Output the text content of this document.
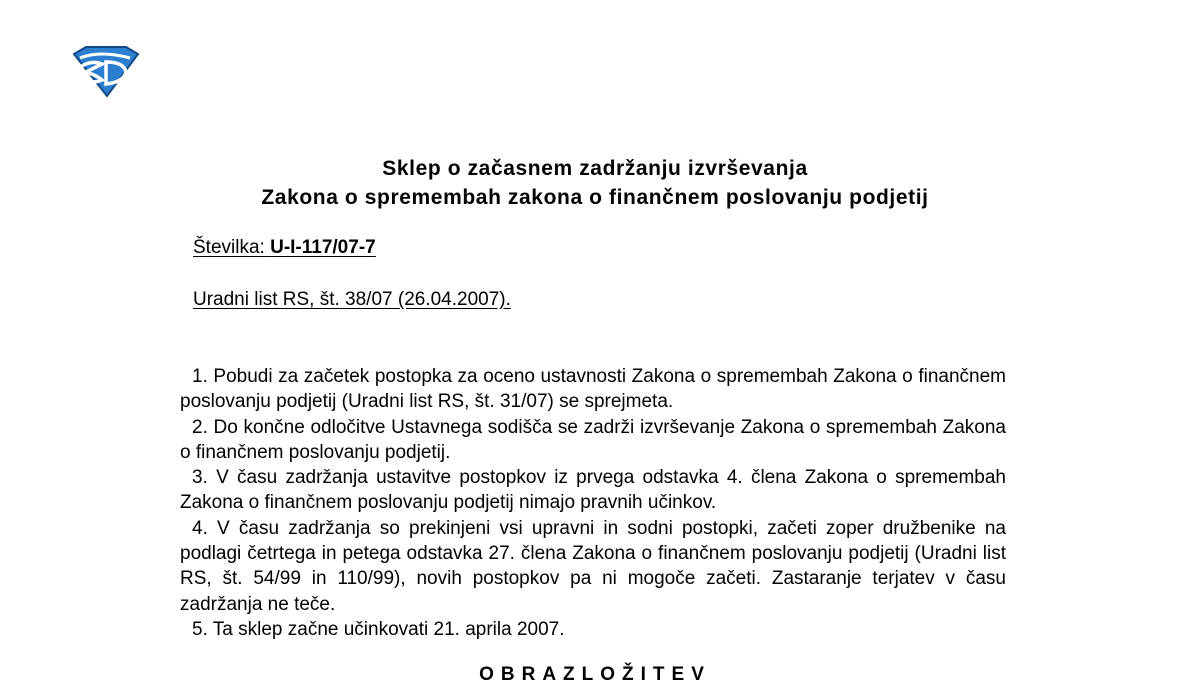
Sklep o začasnem zadržanju izvrševanja
Zakona o spremembah zakona o finančnem poslovanju podjetij
Številka: U-I-117/07-7
Uradni list RS, št. 38/07 (26.04.2007).
1. Pobudi za začetek postopka za oceno ustavnosti Zakona o spremembah Zakona o finančnem poslovanju podjetij (Uradni list RS, št. 31/07) se sprejmeta.
2. Do končne odločitve Ustavnega sodišča se zadrži izvrševanje Zakona o spremembah Zakona o finančnem poslovanju podjetij.
3. V času zadržanja ustavitve postopkov iz prvega odstavka 4. člena Zakona o spremembah Zakona o finančnem poslovanju podjetij nimajo pravnih učinkov.
4. V času zadržanja so prekinjeni vsi upravni in sodni postopki, začeti zoper družbenike na podlagi četrtega in petega odstavka 27. člena Zakona o finančnem poslovanju podjetij (Uradni list RS, št. 54/99 in 110/99), novih postopkov pa ni mogoče začeti. Zastaranje terjatev v času zadržanja ne teče.
5. Ta sklep začne učinkovati 21. aprila 2007.
OBRAZLOŽITEV
